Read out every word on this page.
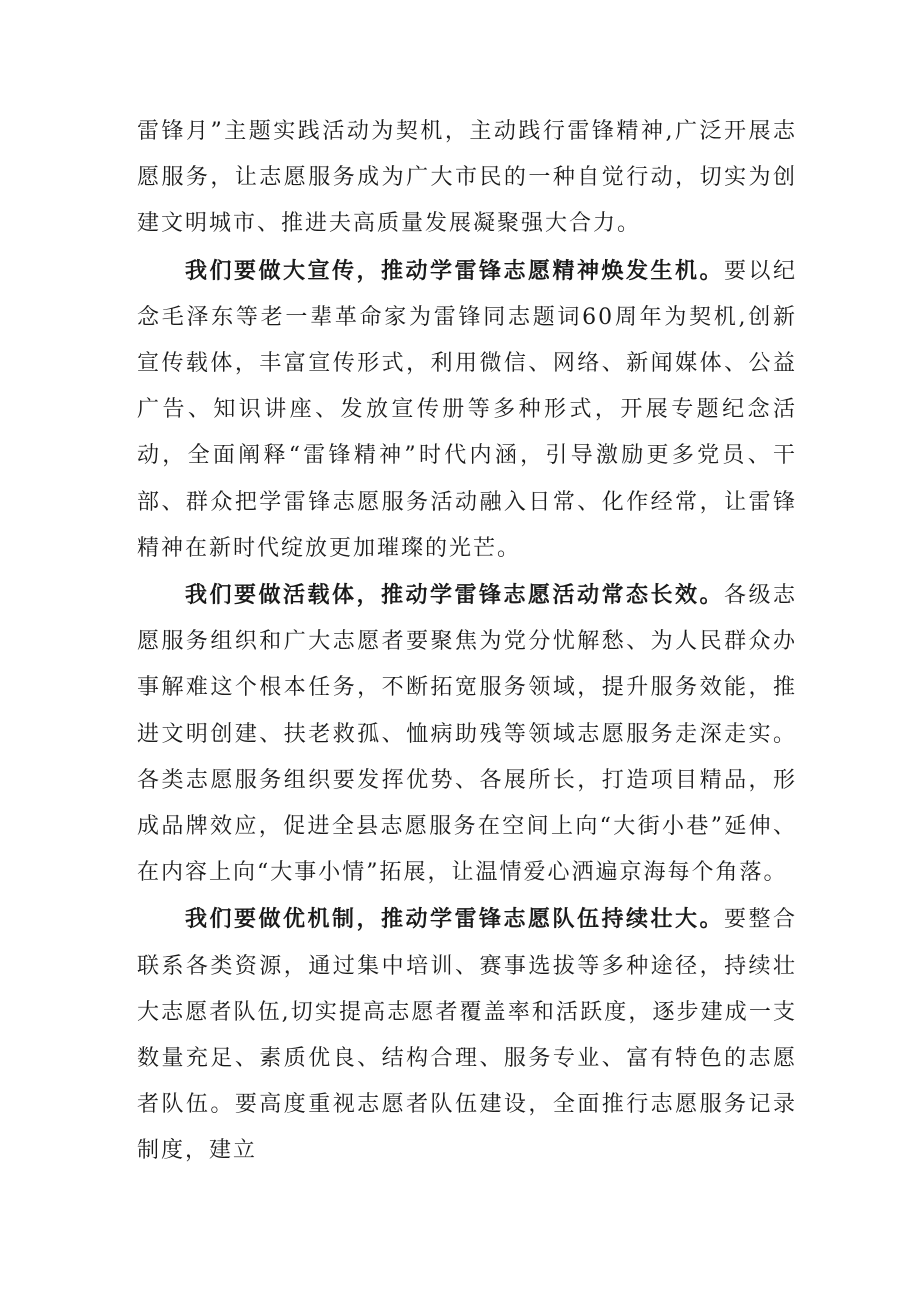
雷锋月”主题实践活动为契机，主动践行雷锋精神,广泛开展志愿服务，让志愿服务成为广大市民的一种自觉行动，切实为创建文明城市、推进夫高质量发展凝聚强大合力。

我们要做大宣传，推动学雷锋志愿精神焕发生机。要以纪念毛泽东等老一辈革命家为雷锋同志题词60周年为契机,创新宣传载体，丰富宣传形式，利用微信、网络、新闻媒体、公益广告、知识讲座、发放宣传册等多种形式，开展专题纪念活动，全面阐释“雷锋精神”时代内涵，引导激励更多党员、干部、群众把学雷锋志愿服务活动融入日常、化作经常，让雷锋精神在新时代绽放更加璀璨的光芒。

我们要做活载体，推动学雷锋志愿活动常态长效。各级志愿服务组织和广大志愿者要聚焦为党分忧解愁、为人民群众办事解难这个根本任务，不断拓宽服务领域，提升服务效能，推进文明创建、扶老救孤、恤病助残等领域志愿服务走深走实。各类志愿服务组织要发挥优势、各展所长，打造项目精品，形成品牌效应，促进全县志愿服务在空间上向“大街小巷”延伸、在内容上向“大事小情”拓展，让温情爱心洒遍京海每个角落。

我们要做优机制，推动学雷锋志愿队伍持续壮大。要整合联系各类资源，通过集中培训、赛事选拔等多种途径，持续壮大志愿者队伍,切实提高志愿者覆盖率和活跃度，逐步建成一支数量充足、素质优良、结构合理、服务专业、富有特色的志愿者队伍。要高度重视志愿者队伍建设，全面推行志愿服务记录制度，建立
